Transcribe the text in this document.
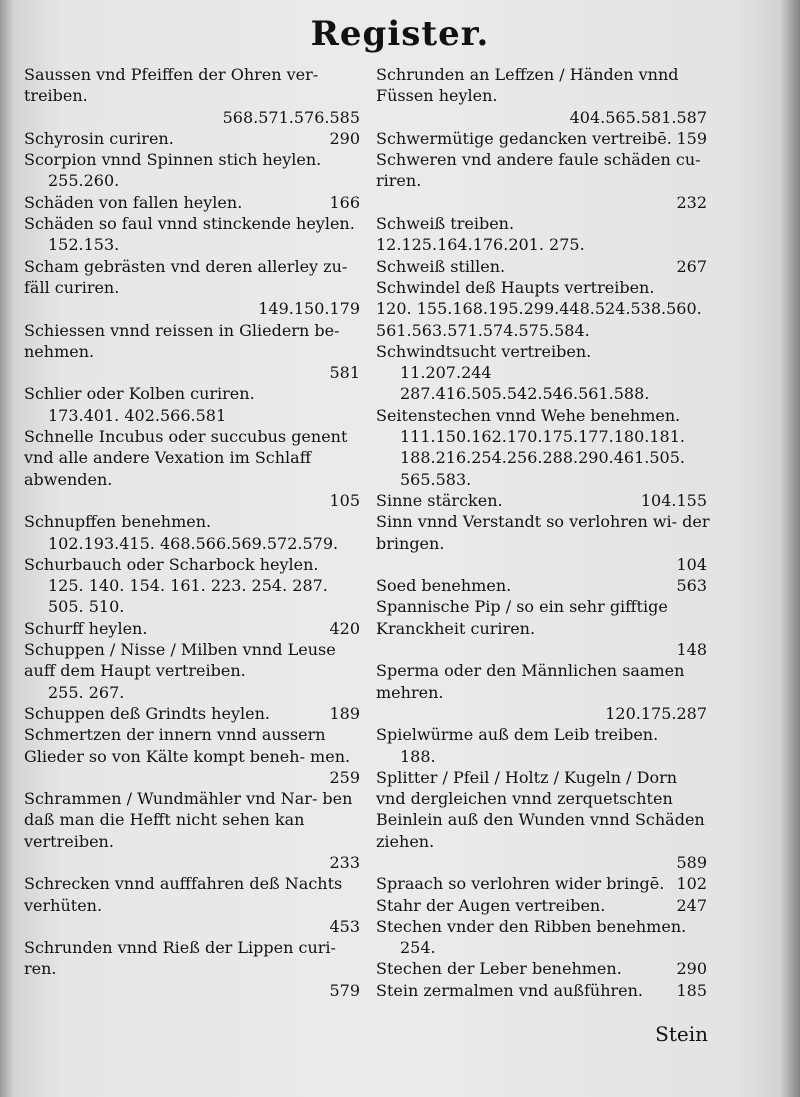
Register.

Saussen vnd Pfeiffen der Ohren ver- treiben.
568.571.576.585

Schyrosin curiren.	290

Scorpion vnnd Spinnen stich heylen.
255.260.

Schäden von fallen heylen.	166

Schäden so faul vnnd stinckende heylen.
152.153.

Scham gebrästen vnd deren allerley zu- fäll curiren.
149.150.179

Schiessen vnnd reissen in Gliedern be- nehmen.
581

Schlier oder Kolben curiren.
173.401. 402.566.581

Schnelle Incubus oder succubus genent vnd alle andere Vexation im Schlaff abwenden.
105

Schnupffen benehmen.
102.193.415. 468.566.569.572.579.

Schurbauch oder Scharbock heylen.
125. 140. 154. 161. 223. 254. 287. 505. 510.

Schurff heylen.	420

Schuppen / Nisse / Milben vnnd Leuse auff dem Haupt vertreiben.
255. 267.

Schuppen deß Grindts heylen.	189

Schmertzen der innern vnnd aussern Glieder so von Kälte kompt beneh- men.
259

Schrammen / Wundmähler vnd Nar- ben daß man die Hefft nicht sehen kan vertreiben.
233

Schrecken vnnd aufffahren deß Nachts verhüten.
453

Schrunden vnnd Rieß der Lippen curi- ren.
579

Schrunden an Leffzen / Händen vnnd Füssen heylen.
404.565.581.587

Schwermütige gedancken vertreibē. 159

Schweren vnd andere faule schäden cu- riren.
232

Schweiß treiben.
12.125.164.176.201. 275.

Schweiß stillen.	267

Schwindel deß Haupts vertreiben.
120. 155.168.195.299.448.524.538.560. 561.563.571.574.575.584.

Schwindtsucht vertreiben.
11.207.244 287.416.505.542.546.561.588.

Seitenstechen vnnd Wehe benehmen.
111.150.162.170.175.177.180.181. 188.216.254.256.288.290.461.505. 565.583.

Sinne stärcken.	104.155

Sinn vnnd Verstandt so verlohren wi- der bringen.
104

Soed benehmen.	563

Spannische Pip / so ein sehr gifftige Kranckheit curiren.
148

Sperma oder den Männlichen saamen mehren.
120.175.287

Spielwürme auß dem Leib treiben.
188.

Splitter / Pfeil / Holtz / Kugeln / Dorn vnd dergleichen vnnd zerquetschten Beinlein auß den Wunden vnnd Schäden ziehen.
589

Spraach so verlohren wider bringē. 102

Stahr der Augen vertreiben.	247

Stechen vnder den Ribben benehmen.
254.

Stechen der Leber benehmen.	290

Stein zermalmen vnd außführen. 185

Stein
